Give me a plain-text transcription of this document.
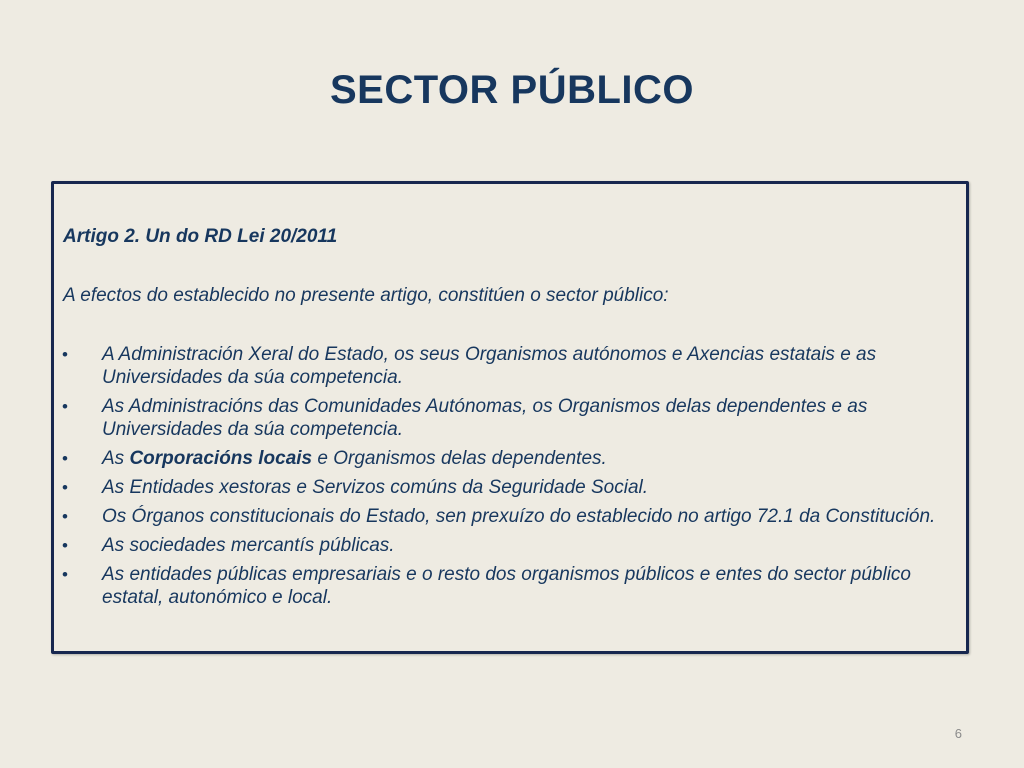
SECTOR PÚBLICO
Artigo 2. Un do RD Lei 20/2011
A efectos do establecido no presente artigo, constitúen o sector público:
• A Administración Xeral do Estado, os seus Organismos autónomos e Axencias estatais e as Universidades da súa competencia.
• As Administracións das Comunidades Autónomas, os Organismos delas dependentes e as Universidades da súa competencia.
• As Corporacións locais e Organismos delas dependentes.
• As Entidades xestoras e Servizos comúns da Seguridade Social.
• Os Órganos constitucionais do Estado, sen prexuízo do establecido no artigo 72.1 da Constitución.
• As sociedades mercantís públicas.
• As entidades públicas empresariais e o resto dos organismos públicos e entes do sector público estatal, autonómico e local.
6
